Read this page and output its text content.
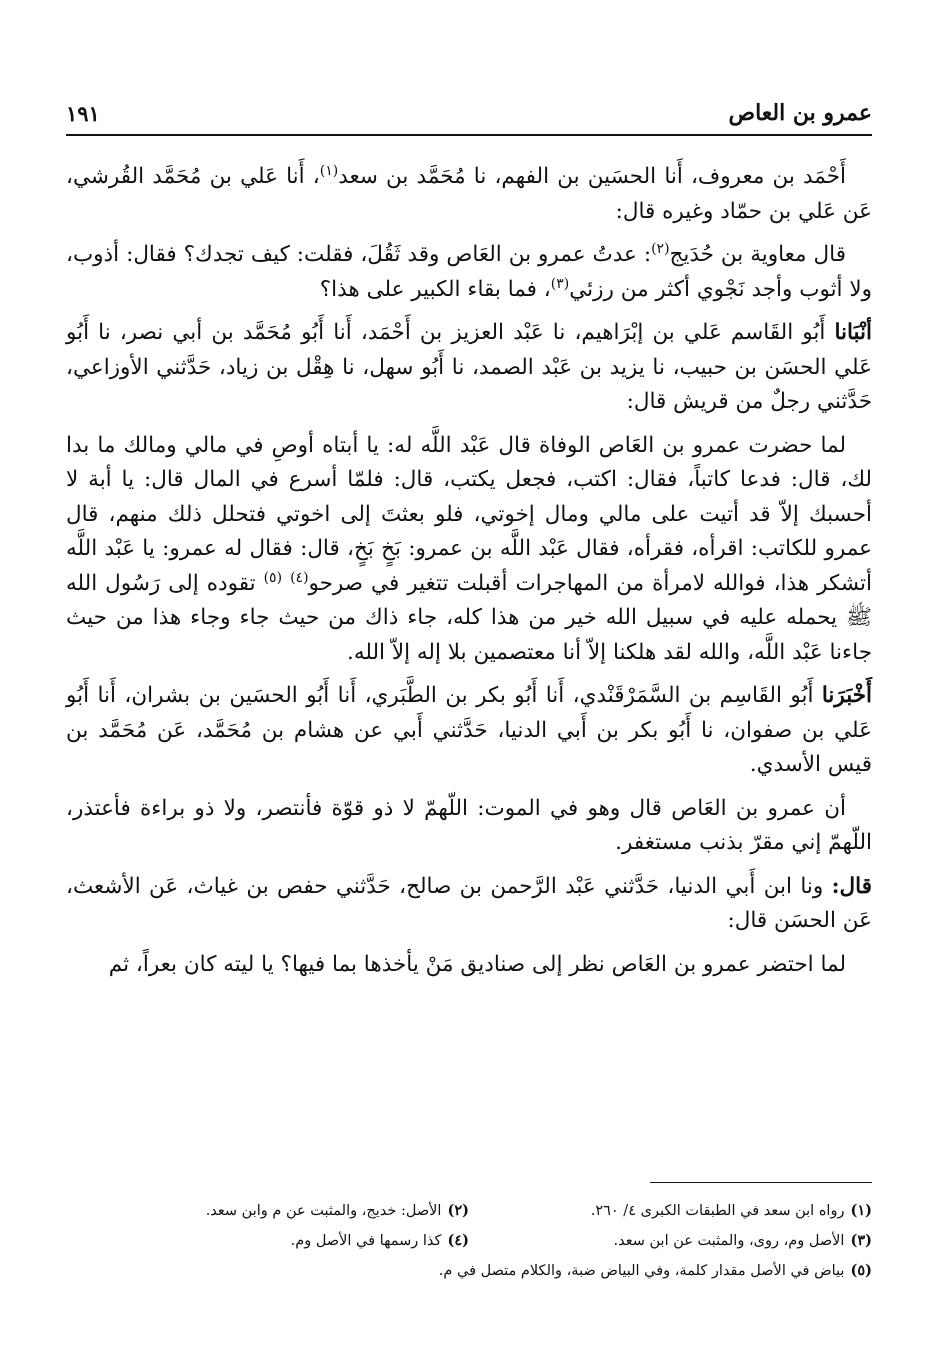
عمرو بن العاص
١٩١

أَحْمَد بن معروف، أَنا الحسَين بن الفهم، نا مُحَمَّد بن سعد$^{(١)}$، أَنا عَلي بن مُحَمَّد القُرشي، عَن عَلي بن حمّاد وغيره قال:

قال معاوية بن حُدَيج$^{(٢)}$: عدتُ عمرو بن العَاص وقد ثَقُلَ، فقلت: كيف تجدك؟ فقال: أذوب، ولا أثوب وأجد نَجْوي أكثر من رزئي$^{(٣)}$، فما بقاء الكبير على هذا؟

أنْبَانا أَبُو القَاسم عَلي بن إبْرَاهيم، نا عَبْد العزيز بن أَحْمَد، أَنا أَبُو مُحَمَّد بن أبي نصر، نا أَبُو عَلي الحسَن بن حبيب، نا يزيد بن عَبْد الصمد، نا أَبُو سهل، نا هِقْل بن زياد، حَدَّثني الأوزاعي، حَدَّثني رجلٌ من قريش قال:

لما حضرت عمرو بن العَاص الوفاة قال عَبْد اللَّه له: يا أبتاه أوصِ في مالي ومالك ما بدا لك، قال: فدعا كاتباً، فقال: اكتب، فجعل يكتب، قال: فلمّا أسرع في المال قال: يا أبة لا أحسبك إلاّ قد أتيت على مالي ومال إخوتي، فلو بعثتَ إلى اخوتي فتحلل ذلك منهم، قال عمرو للكاتب: اقرأه، فقرأه، فقال عَبْد اللَّه بن عمرو: بَخٍ بَخٍ، قال: فقال له عمرو: يا عَبْد اللَّه أتشكر هذا، فوالله لامرأة من المهاجرات أقبلت تتغير في صرحو$^{(٤)}$ $^{(٥)}$ تقوده إلى رَسُول الله ﷺ يحمله عليه في سبيل الله خير من هذا كله، جاء ذاك من حيث جاء وجاء هذا من حيث جاءنا عَبْد اللَّه، والله لقد هلكنا إلاّ أنا معتصمين بلا إله إلاّ الله.

أَخْبَرَنا أَبُو القَاسِم بن السَّمَرْقَنْدي، أَنا أَبُو بكر بن الطَّبَري، أَنا أَبُو الحسَين بن بشران، أَنا أَبُو عَلي بن صفوان، نا أَبُو بكر بن أَبي الدنيا، حَدَّثني أَبي عن هشام بن مُحَمَّد، عَن مُحَمَّد بن قيس الأسدي.

أن عمرو بن العَاص قال وهو في الموت: اللّهمّ لا ذو قوّة فأنتصر، ولا ذو براءة فأعتذر، اللّهمّ إني مقرّ بذنب مستغفر.

قال: ونا ابن أَبي الدنيا، حَدَّثني عَبْد الرَّحمن بن صالح، حَدَّثني حفص بن غياث، عَن الأشعث، عَن الحسَن قال:

لما احتضر عمرو بن العَاص نظر إلى صناديق مَنْ يأخذها بما فيها؟ يا ليته كان بعراً، ثم

(١)رواه ابن سعد في الطبقات الكبرى ٤/ ٢٦٠.
(٢)الأصل: خديج، والمثبت عن م وابن سعد.
(٣)الأصل وم، روى، والمثبت عن ابن سعد.
(٤)كذا رسمها في الأصل وم.
(٥)بياض في الأصل مقدار كلمة، وفي البياض ضبة، والكلام متصل في م.
